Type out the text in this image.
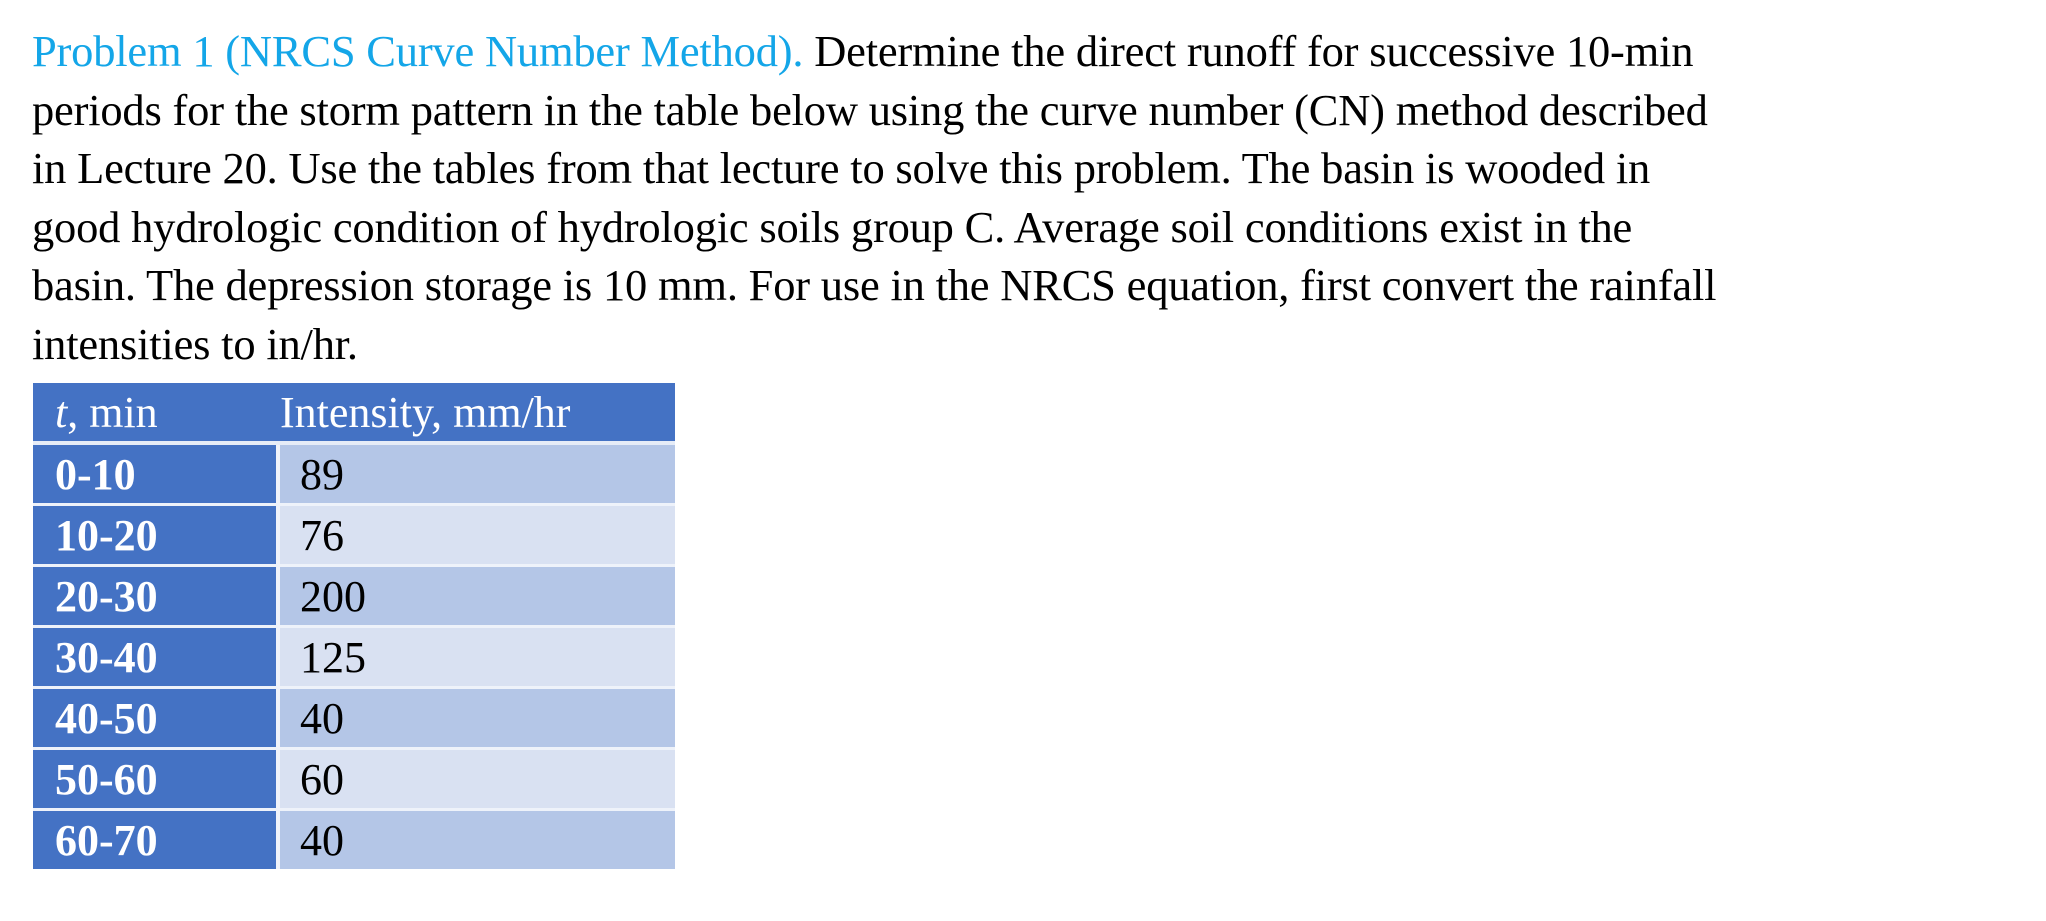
Problem 1 (NRCS Curve Number Method). Determine the direct runoff for successive 10-min
periods for the storm pattern in the table below using the curve number (CN) method described
in Lecture 20. Use the tables from that lecture to solve this problem. The basin is wooded in
good hydrologic condition of hydrologic soils group C. Average soil conditions exist in the
basin. The depression storage is 10 mm. For use in the NRCS equation, first convert the rainfall
intensities to in/hr.
t, min	Intensity, mm/hr
0-10	89
10-20	76
20-30	200
30-40	125
40-50	40
50-60	60
60-70	40
